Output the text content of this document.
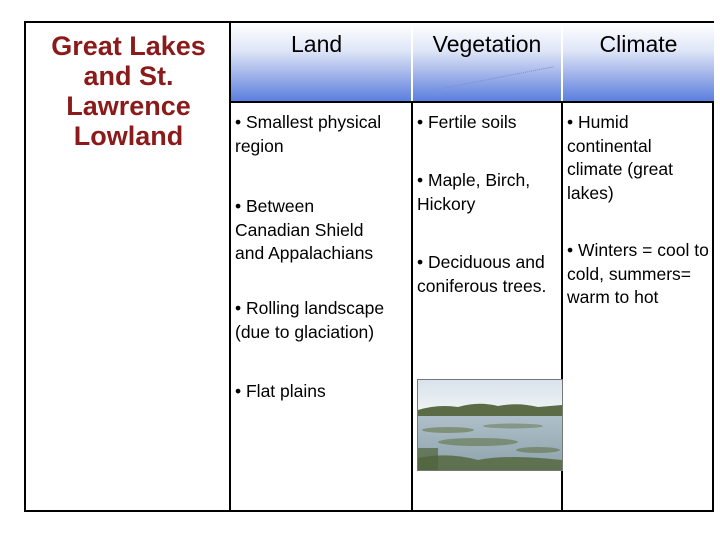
Great Lakes and St. Lawrence Lowland
Land	Vegetation	Climate
• Smallest physical region
• Between Canadian Shield and Appalachians
• Rolling landscape (due to glaciation)
• Flat plains
• Fertile soils
• Maple, Birch, Hickory
• Deciduous and coniferous trees.
• Humid continental climate (great lakes)
• Winters = cool to cold, summers= warm to hot
